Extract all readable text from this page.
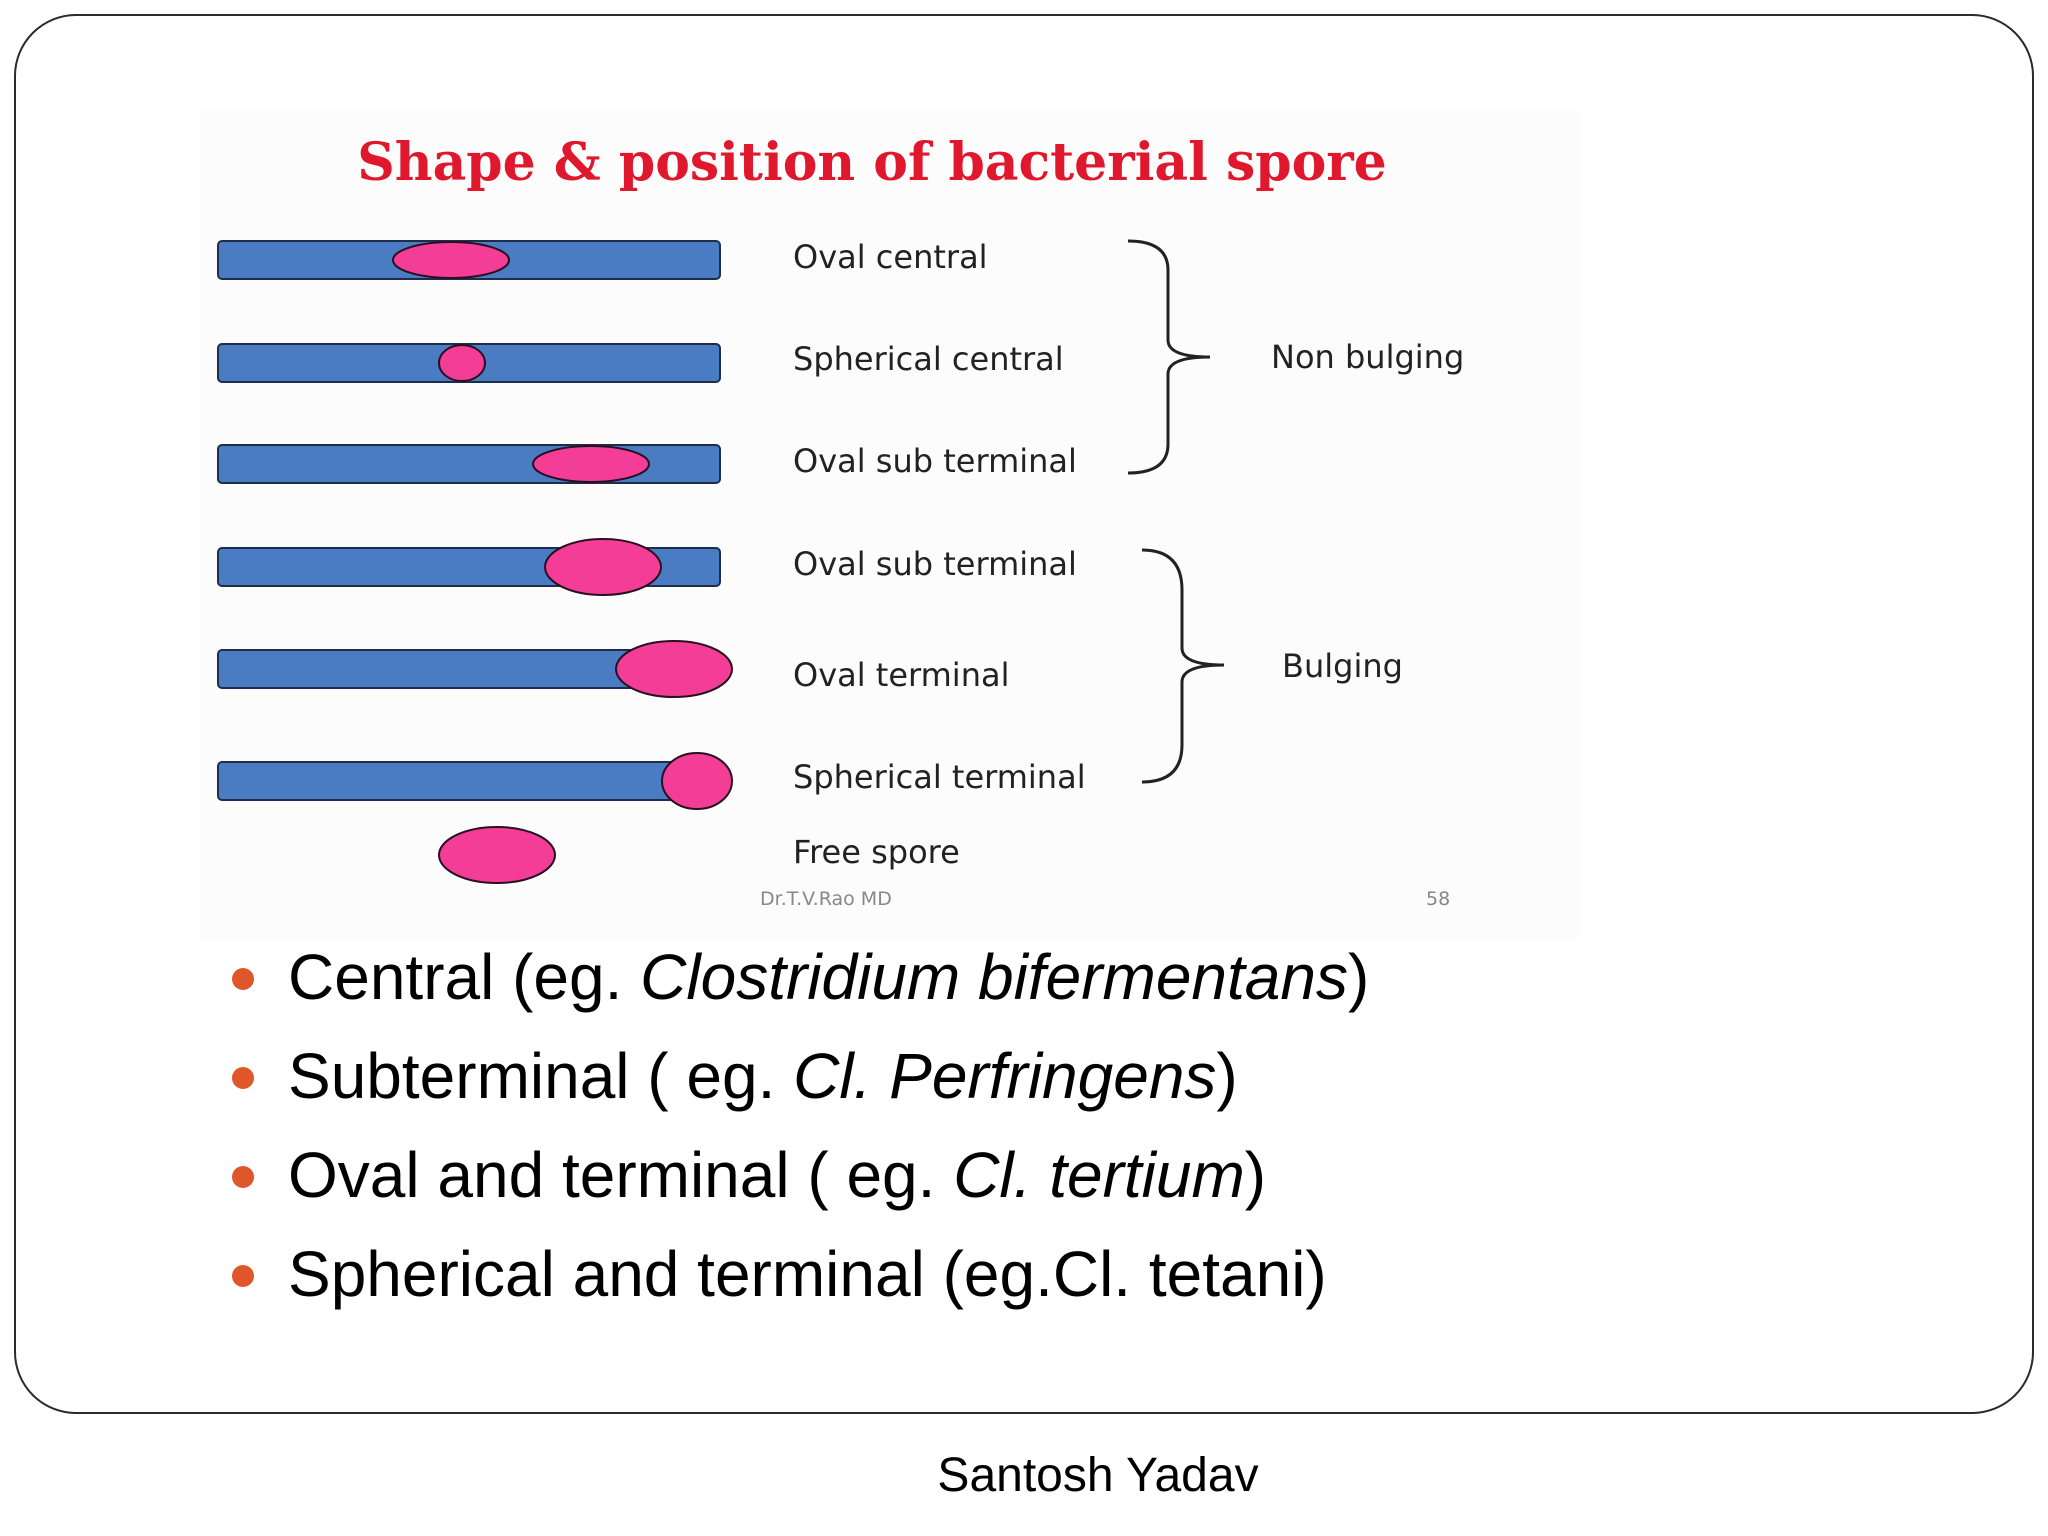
Shape & position of bacterial spore
Oval central
Spherical central
Oval sub terminal
Non bulging
Oval sub terminal
Oval terminal
Spherical terminal
Bulging
Free spore
Dr.T.V.Rao MD	58
Central (eg. Clostridium bifermentans)
Subterminal ( eg. Cl. Perfringens)
Oval and terminal ( eg. Cl. tertium)
Spherical and terminal (eg.Cl. tetani)
Santosh Yadav
